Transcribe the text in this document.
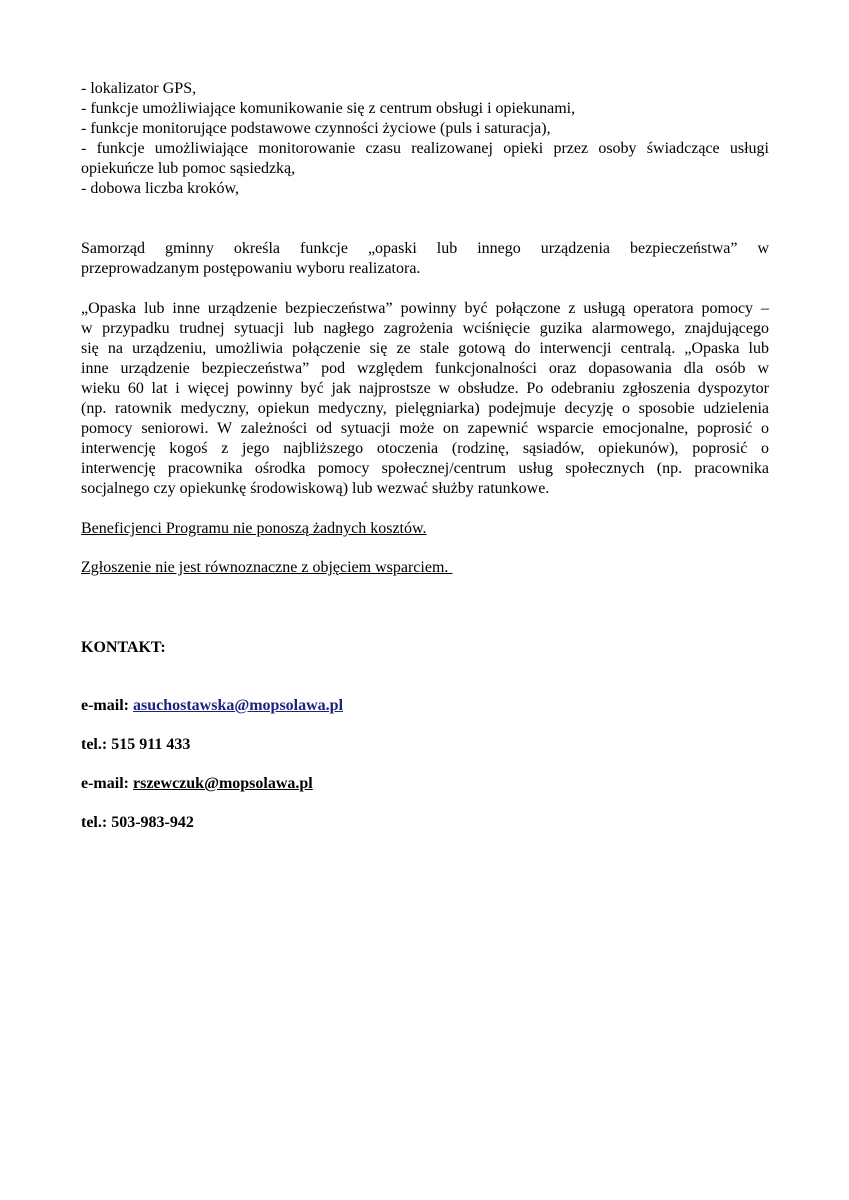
- lokalizator GPS,

- funkcje umożliwiające komunikowanie się z centrum obsługi i opiekunami,

- funkcje monitorujące podstawowe czynności życiowe (puls i saturacja),

- funkcje umożliwiające monitorowanie czasu realizowanej opieki przez osoby świadczące usługi

opiekuńcze lub pomoc sąsiedzką,

- dobowa liczba kroków,

Samorząd gminny określa funkcje „opaski lub innego urządzenia bezpieczeństwa” w
przeprowadzanym postępowaniu wyboru realizatora.
„Opaska lub inne urządzenie bezpieczeństwa” powinny być połączone z usługą operatora pomocy –
w przypadku trudnej sytuacji lub nagłego zagrożenia wciśnięcie guzika alarmowego, znajdującego
się na urządzeniu, umożliwia połączenie się ze stale gotową do interwencji centralą. „Opaska lub
inne urządzenie bezpieczeństwa” pod względem funkcjonalności oraz dopasowania dla osób w
wieku 60 lat i więcej powinny być jak najprostsze w obsłudze. Po odebraniu zgłoszenia dyspozytor
(np. ratownik medyczny, opiekun medyczny, pielęgniarka) podejmuje decyzję o sposobie udzielenia
pomocy seniorowi. W zależności od sytuacji może on zapewnić wsparcie emocjonalne, poprosić o
interwencję kogoś z jego najbliższego otoczenia (rodzinę, sąsiadów, opiekunów), poprosić o
interwencję pracownika ośrodka pomocy społecznej/centrum usług społecznych (np. pracownika
socjalnego czy opiekunkę środowiskową) lub wezwać służby ratunkowe.

Beneficjenci Programu nie ponoszą żadnych kosztów.

Zgłoszenie nie jest równoznaczne z objęciem wsparciem.

KONTAKT:

e-mail: asuchostawska@mopsolawa.pl

tel.: 515 911 433

e-mail: rszewczuk@mopsolawa.pl

tel.: 503-983-942
